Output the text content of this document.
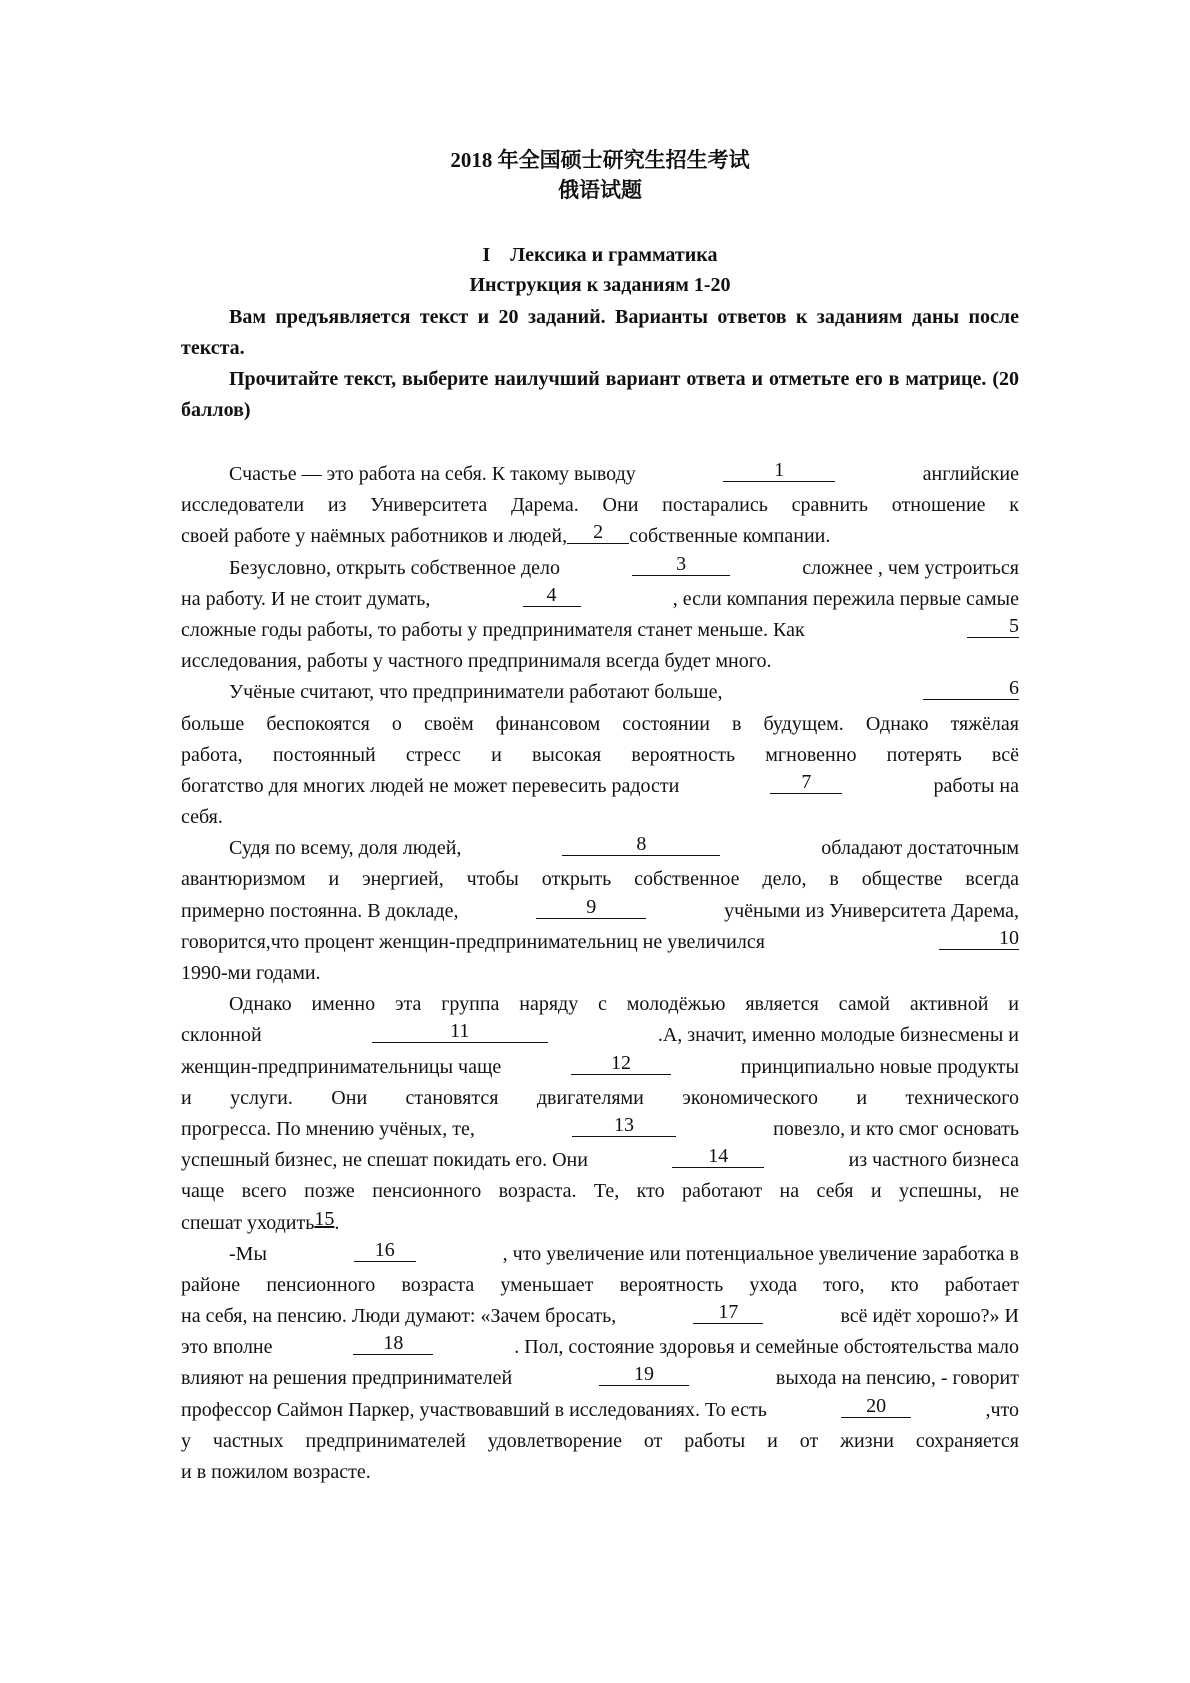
2018 年全国硕士研究生招生考试
俄语试题
I    Лексика и грамматика
Инструкция к заданиям 1-20
Вам предъявляется текст и 20 заданий. Варианты ответов к заданиям даны после текста.
Прочитайте текст, выберите наилучший вариант ответа и отметьте его в матрице. (20 баллов)
Счастье — это работа на себя. К такому выводу	1	английские
исследователи из Университета Дарема. Они постарались сравнить отношение к
своей работе у наёмных работников и людей,	2	собственные компании.
Безусловно, открыть собственное дело	3	сложнее , чем устроиться
на работу. И не стоит думать,	4	, если компания пережила первые самые
сложные годы работы, то работы у предпринимателя станет меньше. Как	5
исследования, работы у частного предпринималя всегда будет много.
Учёные считают, что предприниматели работают больше,	6
больше беспокоятся о своём финансовом состоянии в будущем. Однако тяжёлая
работа, постоянный стресс и высокая вероятность мгновенно потерять всё
богатство для многих людей не может перевесить радости	7	работы на
себя.
Судя по всему, доля людей,	8	обладают достаточным
авантюризмом и энергией, чтобы открыть собственное дело, в обществе всегда
примерно постоянна. В докладе,	9	учёными из Университета Дарема,
говорится,что процент женщин-предпринимательниц не увеличился	10
1990-ми годами.
Однако именно эта группа наряду с молодёжью является самой активной и
склонной	11	.А, значит, именно молодые бизнесмены и
женщин-предпринимательницы чаще	12	принципиально новые продукты
и услуги. Они становятся двигателями экономического и технического
прогресса. По мнению учёных, те,	13	повезло, и кто смог основать
успешный бизнес, не спешат покидать его. Они	14	из частного бизнеса
чаще всего позже пенсионного возраста. Те, кто работают на себя и успешны, не
спешат уходить 15 .
-Мы	16	, что увеличение или потенциальное увеличение заработка в
районе пенсионного возраста уменьшает вероятность ухода того, кто работает
на себя, на пенсию. Люди думают: «Зачем бросать,	17	всё идёт хорошо?» И
это вполне	18	. Пол, состояние здоровья и семейные обстоятельства мало
влияют на решения предпринимателей	19	выхода на пенсию, - говорит
профессор Саймон Паркер, участвовавший в исследованиях. То есть	20	,что
у частных предпринимателей удовлетворение от работы и от жизни сохраняется
и в пожилом возрасте.
